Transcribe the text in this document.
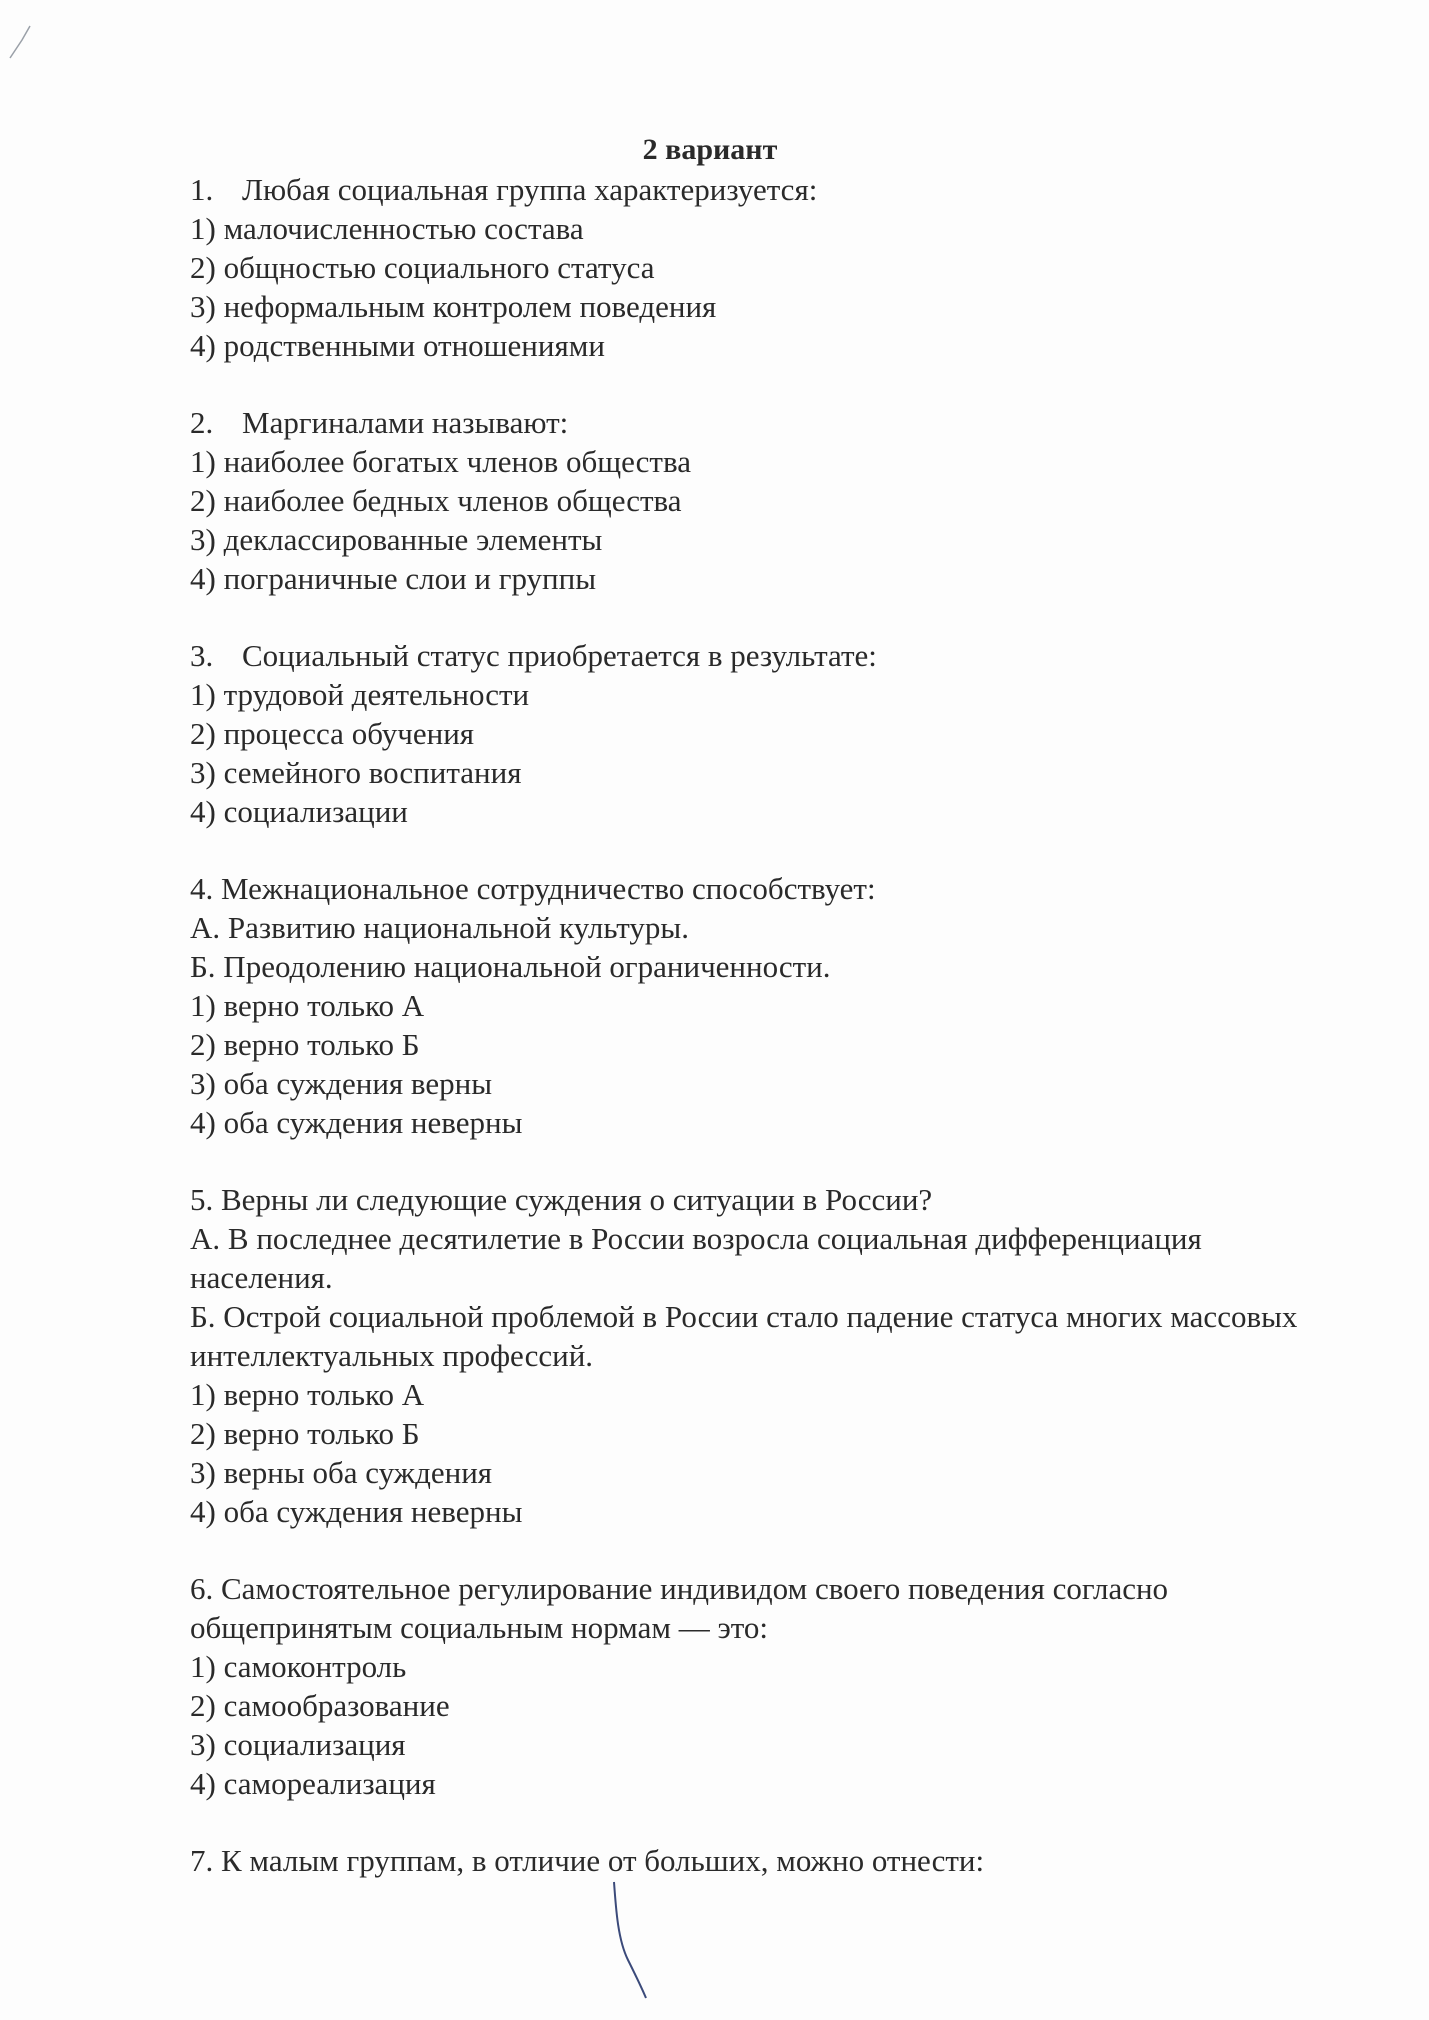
2 вариант

1. Любая социальная группа характеризуется:

1) малочисленностью состава

2) общностью социального статуса

3) неформальным контролем поведения

4) родственными отношениями

2. Маргиналами называют:

1) наиболее богатых членов общества

2) наиболее бедных членов общества

3) деклассированные элементы

4) пограничные слои и группы

3. Социальный статус приобретается в результате:

1) трудовой деятельности

2) процесса обучения

3) семейного воспитания

4) социализации

4. Межнациональное сотрудничество способствует:

А. Развитию национальной культуры.

Б. Преодолению национальной ограниченности.

1) верно только А

2) верно только Б

3) оба суждения верны

4) оба суждения неверны

5. Верны ли следующие суждения о ситуации в России?

А. В последнее десятилетие в России возросла социальная дифференциация населения.

Б. Острой социальной проблемой в России стало падение статуса многих массовых интеллектуальных профессий.

1) верно только А

2) верно только Б

3) верны оба суждения

4) оба суждения неверны

6. Самостоятельное регулирование индивидом своего поведения согласно общепринятым социальным нормам — это:

1) самоконтроль

2) самообразование

3) социализация

4) самореализация

7. К малым группам, в отличие от больших, можно отнести:
